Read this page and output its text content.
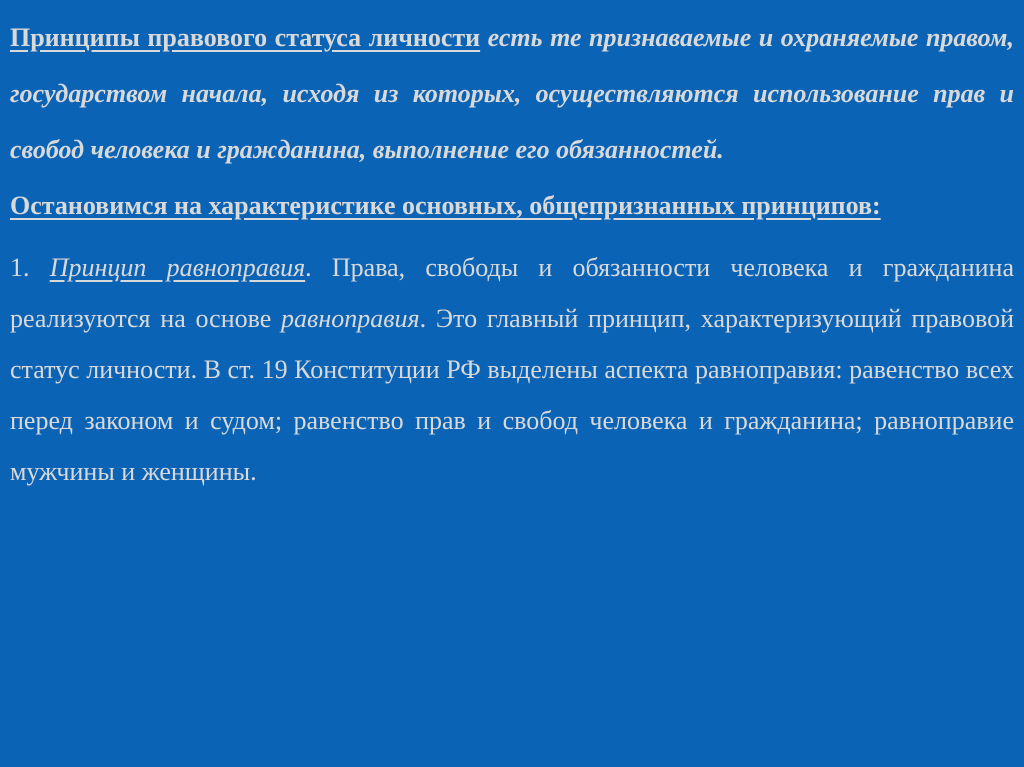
Принципы правового статуса личности есть те признаваемые и охраняемые правом, государством начала, исходя из которых, осуществляются использование прав и свобод человека и гражданина, выполнение его обязанностей.

Остановимся на характеристике основных, общепризнанных принципов:

1. Принцип равноправия. Права, свободы и обязанности человека и гражданина реализуются на основе равноправия. Это главный принцип, характеризующий правовой статус личности. В ст. 19 Конституции РФ выделены аспекта равноправия: равенство всех перед законом и судом; равенство прав и свобод человека и гражданина; равноправие мужчины и женщины.
